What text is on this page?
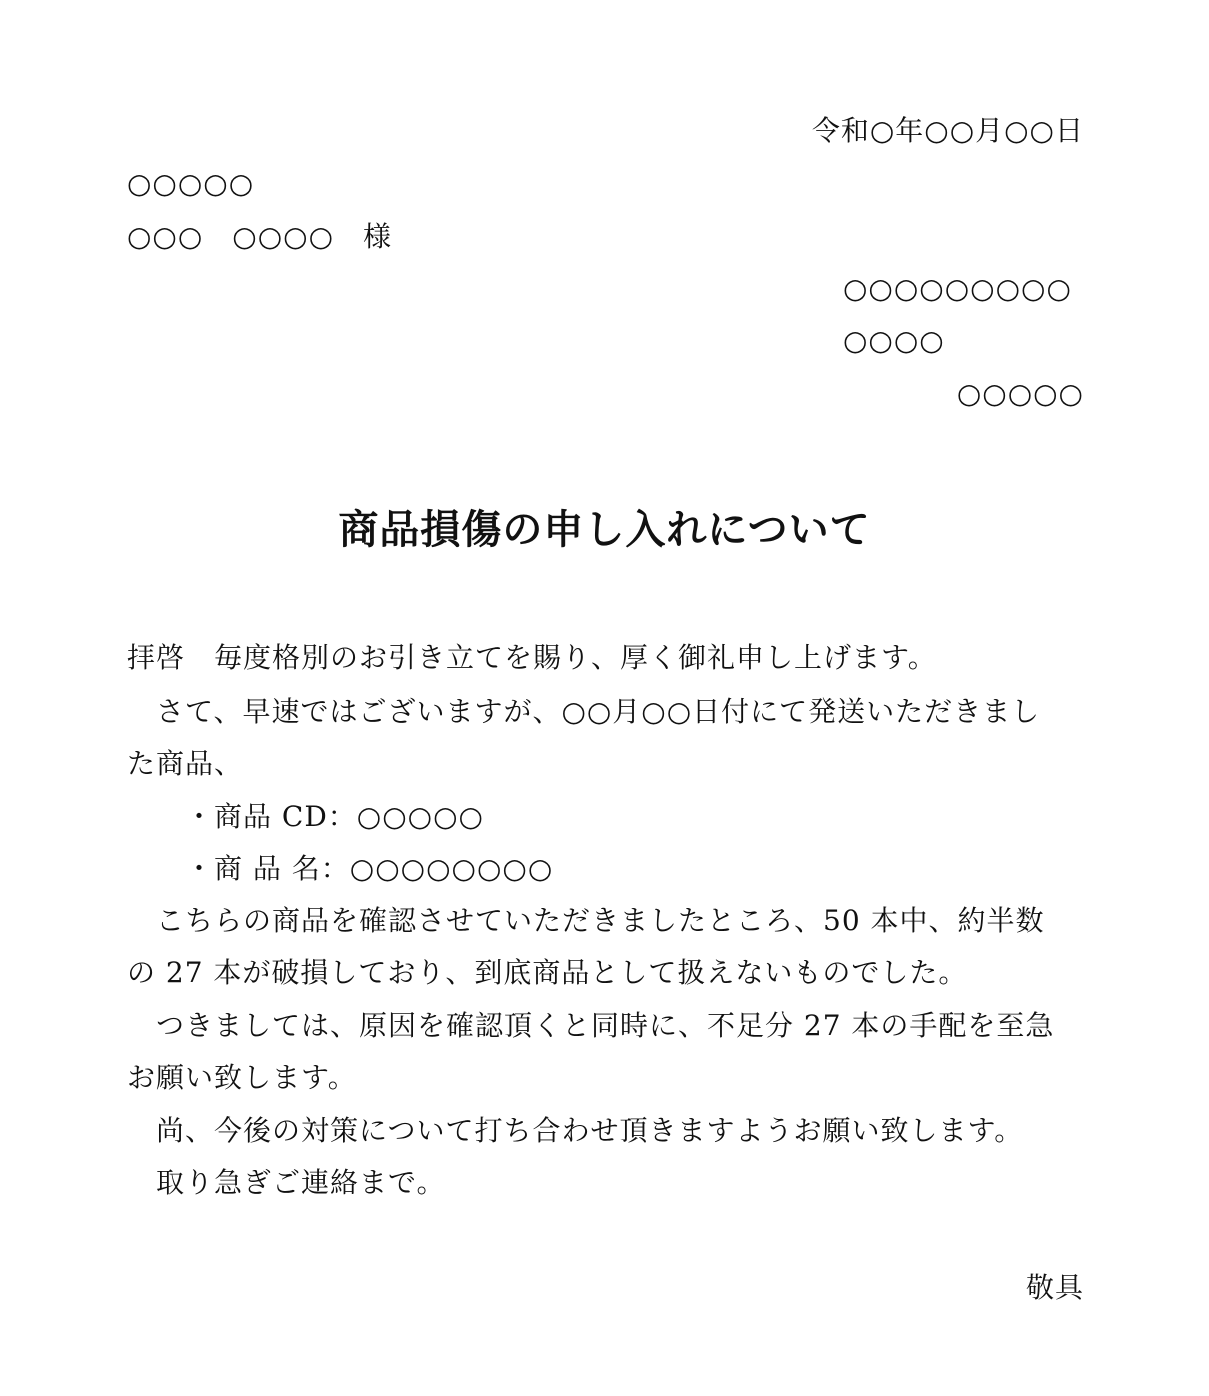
令和○年○○月○○日
○○○○○
○○○　○○○○　様
○○○○○○○○○
○○○○
○○○○○
商品損傷の申し入れについて
拝啓　毎度格別のお引き立てを賜り、厚く御礼申し上げます。
　さて、早速ではございますが、○○月○○日付にて発送いただきまし
た商品、
　　・商品 CD：○○○○○
　　・商 品 名：○○○○○○○○
　こちらの商品を確認させていただきましたところ、50 本中、約半数
の 27 本が破損しており、到底商品として扱えないものでした。
　つきましては、原因を確認頂くと同時に、不足分 27 本の手配を至急
お願い致します。
　尚、今後の対策について打ち合わせ頂きますようお願い致します。
　取り急ぎご連絡まで。
敬具
